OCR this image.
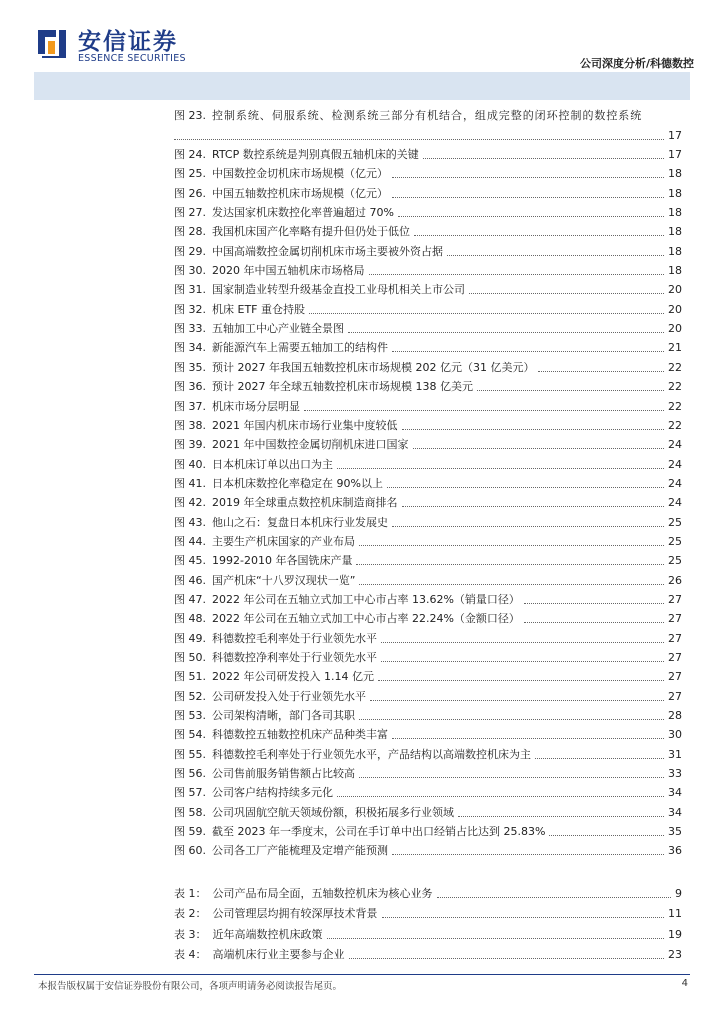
安信证券
ESSENCE SECURITIES	公司深度分析/科德数控
图 23. 控制系统、伺服系统、检测系统三部分有机结合，组成完整的闭环控制的数控系统
17
图 24. RTCP 数控系统是判别真假五轴机床的关键	17
图 25. 中国数控金切机床市场规模（亿元）	18
图 26. 中国五轴数控机床市场规模（亿元）	18
图 27. 发达国家机床数控化率普遍超过 70%	18
图 28. 我国机床国产化率略有提升但仍处于低位	18
图 29. 中国高端数控金属切削机床市场主要被外资占据	18
图 30. 2020 年中国五轴机床市场格局	18
图 31. 国家制造业转型升级基金直投工业母机相关上市公司	20
图 32. 机床 ETF 重仓持股	20
图 33. 五轴加工中心产业链全景图	20
图 34. 新能源汽车上需要五轴加工的结构件	21
图 35. 预计 2027 年我国五轴数控机床市场规模 202 亿元（31 亿美元）	22
图 36. 预计 2027 年全球五轴数控机床市场规模 138 亿美元	22
图 37. 机床市场分层明显	22
图 38. 2021 年国内机床市场行业集中度较低	22
图 39. 2021 年中国数控金属切削机床进口国家	24
图 40. 日本机床订单以出口为主	24
图 41. 日本机床数控化率稳定在 90%以上	24
图 42. 2019 年全球重点数控机床制造商排名	24
图 43. 他山之石：复盘日本机床行业发展史	25
图 44. 主要生产机床国家的产业布局	25
图 45. 1992-2010 年各国铣床产量	25
图 46. 国产机床“十八罗汉现状一览”	26
图 47. 2022 年公司在五轴立式加工中心市占率 13.62%（销量口径）	27
图 48. 2022 年公司在五轴立式加工中心市占率 22.24%（金额口径）	27
图 49. 科德数控毛利率处于行业领先水平	27
图 50. 科德数控净利率处于行业领先水平	27
图 51. 2022 年公司研发投入 1.14 亿元	27
图 52. 公司研发投入处于行业领先水平	27
图 53. 公司架构清晰，部门各司其职	28
图 54. 科德数控五轴数控机床产品种类丰富	30
图 55. 科德数控毛利率处于行业领先水平，产品结构以高端数控机床为主	31
图 56. 公司售前服务销售额占比较高	33
图 57. 公司客户结构持续多元化	34
图 58. 公司巩固航空航天领域份额，积极拓展多行业领域	34
图 59. 截至 2023 年一季度末，公司在手订单中出口经销占比达到 25.83%	35
图 60. 公司各工厂产能梳理及定增产能预测	36
表 1： 公司产品布局全面，五轴数控机床为核心业务	9
表 2： 公司管理层均拥有较深厚技术背景	11
表 3： 近年高端数控机床政策	19
表 4： 高端机床行业主要参与企业	23
本报告版权属于安信证券股份有限公司，各项声明请务必阅读报告尾页。	4
